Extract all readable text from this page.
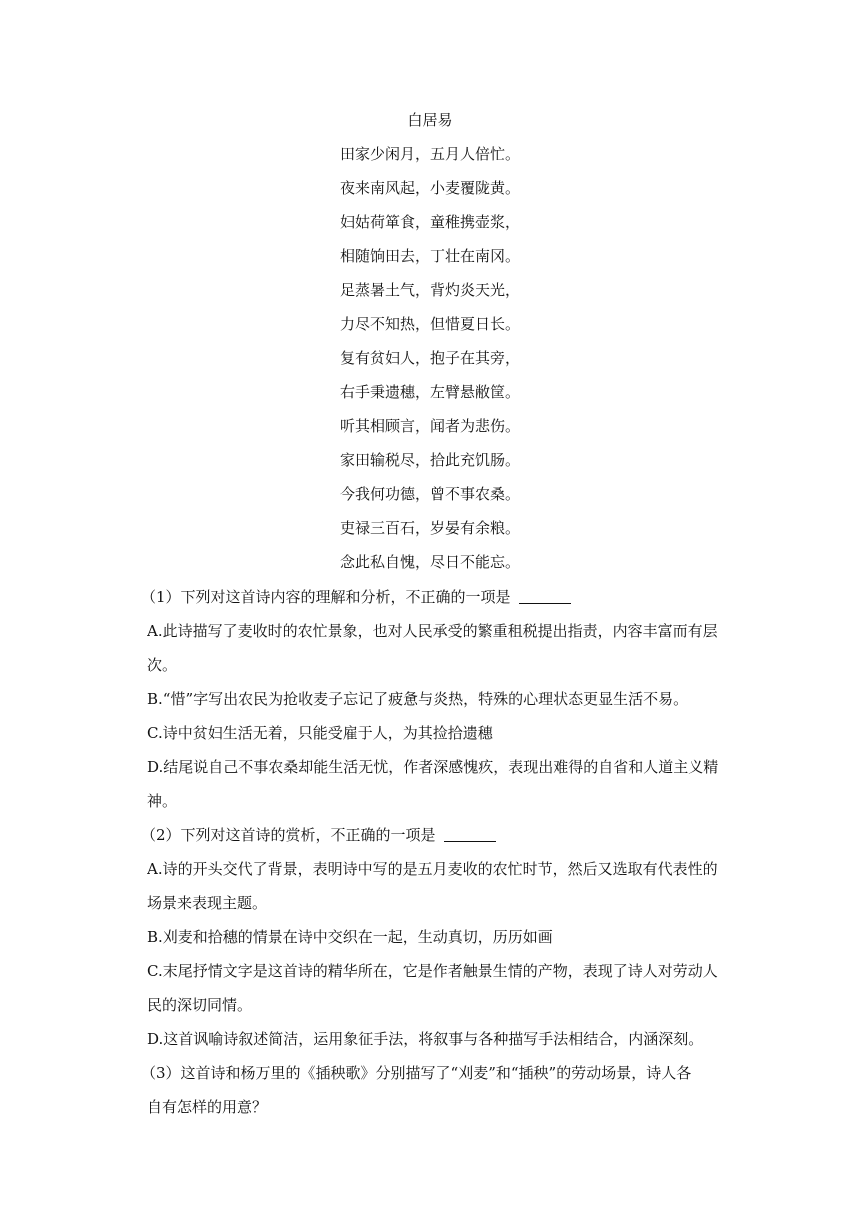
白居易
田家少闲月，五月人倍忙。
夜来南风起，小麦覆陇黄。
妇姑荷箪食，童稚携壶浆，
相随饷田去，丁壮在南冈。
足蒸暑土气，背灼炎天光，
力尽不知热，但惜夏日长。
复有贫妇人，抱子在其旁，
右手秉遗穗，左臂悬敝筐。
听其相顾言，闻者为悲伤。
家田输税尽，拾此充饥肠。
今我何功德，曾不事农桑。
吏禄三百石，岁晏有余粮。
念此私自愧，尽日不能忘。
（1）下列对这首诗内容的理解和分析，不正确的一项是
A.此诗描写了麦收时的农忙景象，也对人民承受的繁重租税提出指责，内容丰富而有层
次。
B.“惜”字写出农民为抢收麦子忘记了疲惫与炎热，特殊的心理状态更显生活不易。
C.诗中贫妇生活无着，只能受雇于人，为其捡拾遗穗
D.结尾说自己不事农桑却能生活无忧，作者深感愧疚，表现出难得的自省和人道主义精
神。
（2）下列对这首诗的赏析，不正确的一项是
A.诗的开头交代了背景，表明诗中写的是五月麦收的农忙时节，然后又选取有代表性的
场景来表现主题。
B.刈麦和拾穗的情景在诗中交织在一起，生动真切，历历如画
C.末尾抒情文字是这首诗的精华所在，它是作者触景生情的产物，表现了诗人对劳动人
民的深切同情。
D.这首讽喻诗叙述简洁，运用象征手法，将叙事与各种描写手法相结合，内涵深刻。
（3）这首诗和杨万里的《插秧歌》分别描写了“刈麦”和“插秧”的劳动场景，诗人各
自有怎样的用意？
